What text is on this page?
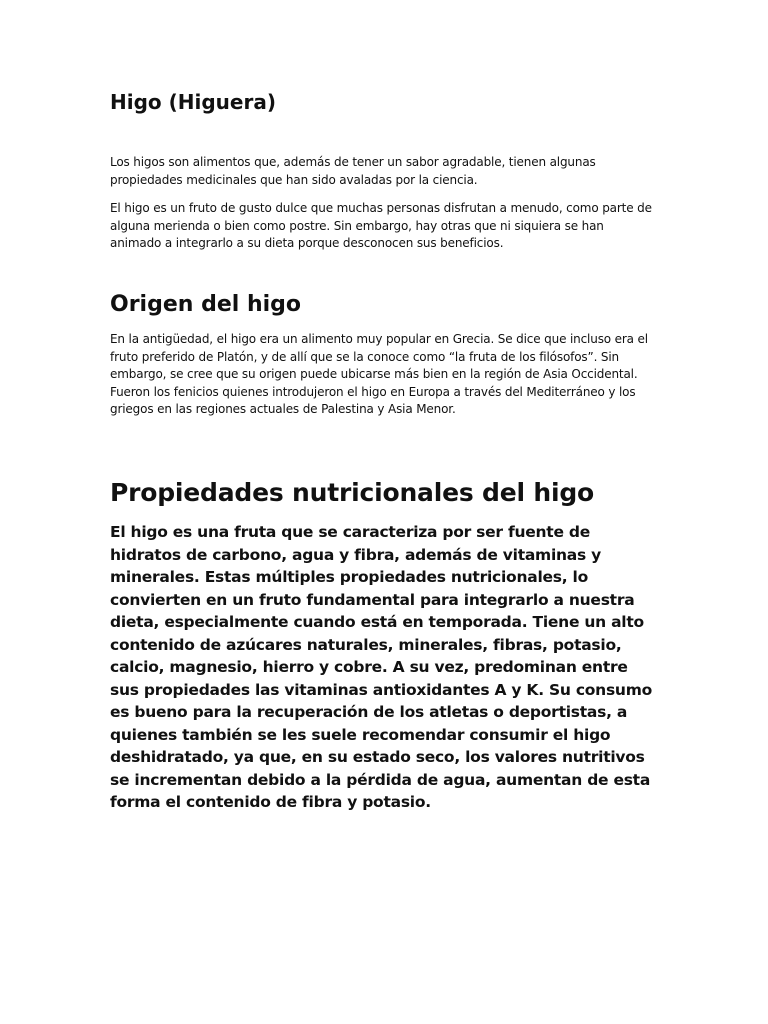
Higo (Higuera)

Los higos son alimentos que, además de tener un sabor agradable, tienen algunas propiedades medicinales que han sido avaladas por la ciencia.

El higo es un fruto de gusto dulce que muchas personas disfrutan a menudo, como parte de alguna merienda o bien como postre. Sin embargo, hay otras que ni siquiera se han animado a integrarlo a su dieta porque desconocen sus beneficios.

Origen del higo

En la antigüedad, el higo era un alimento muy popular en Grecia. Se dice que incluso era el fruto preferido de Platón, y de allí que se la conoce como “la fruta de los filósofos”. Sin embargo, se cree que su origen puede ubicarse más bien en la región de Asia Occidental. Fueron los fenicios quienes introdujeron el higo en Europa a través del Mediterráneo y los griegos en las regiones actuales de Palestina y Asia Menor.

Propiedades nutricionales del higo

El higo es una fruta que se caracteriza por ser fuente de hidratos de carbono, agua y fibra, además de vitaminas y minerales. Estas múltiples propiedades nutricionales, lo convierten en un fruto fundamental para integrarlo a nuestra dieta, especialmente cuando está en temporada. Tiene un alto contenido de azúcares naturales, minerales, fibras, potasio, calcio, magnesio, hierro y cobre. A su vez, predominan entre sus propiedades las vitaminas antioxidantes A y K. Su consumo es bueno para la recuperación de los atletas o deportistas, a quienes también se les suele recomendar consumir el higo deshidratado, ya que, en su estado seco, los valores nutritivos se incrementan debido a la pérdida de agua, aumentan de esta forma el contenido de fibra y potasio.
